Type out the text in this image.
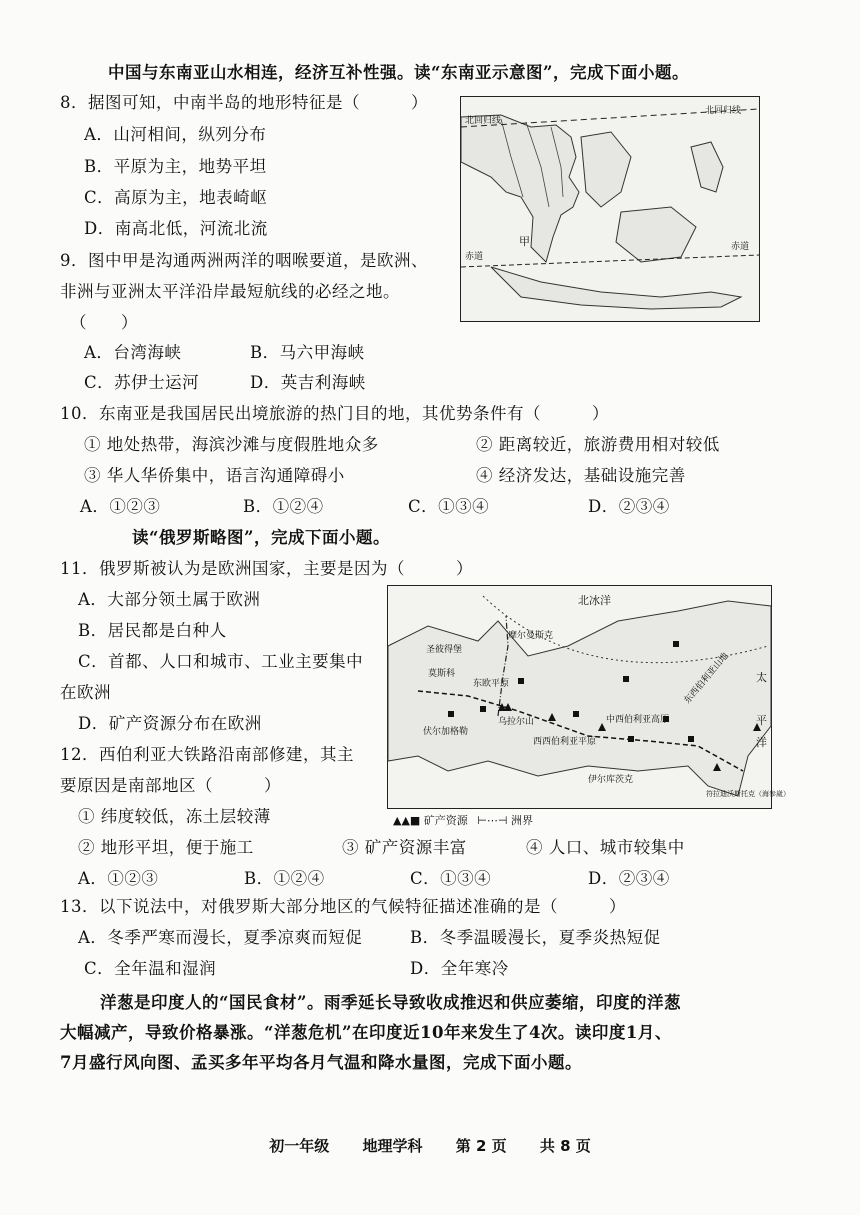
中国与东南亚山水相连，经济互补性强。读“东南亚示意图”，完成下面小题。
8．据图可知，中南半岛的地形特征是（　　　）
A．山河相间，纵列分布
B．平原为主，地势平坦
C．高原为主，地表崎岖
D．南高北低，河流北流
北回归线
北回归线
甲
赤道
赤道
9．图中甲是沟通两洲两洋的咽喉要道，是欧洲、
非洲与亚洲太平洋沿岸最短航线的必经之地。
（　　）
A．台湾海峡	B．马六甲海峡
C．苏伊士运河	D．英吉利海峡
10．东南亚是我国居民出境旅游的热门目的地，其优势条件有（　　　）
① 地处热带，海滨沙滩与度假胜地众多	② 距离较近，旅游费用相对较低
③ 华人华侨集中，语言沟通障碍小	④ 经济发达，基础设施完善
A．①②③	B．①②④	C．①③④	D．②③④
读“俄罗斯略图”，完成下面小题。
11．俄罗斯被认为是欧洲国家，主要是因为（　　　）
A．大部分领土属于欧洲
B．居民都是白种人
C．首都、人口和城市、工业主要集中
在欧洲
D．矿产资源分布在欧洲
北冰洋
摩尔曼斯克
圣彼得堡
莫斯科
东欧平原
乌拉尔山
伏尔加格勒
西西伯利亚平原
中西伯利亚高原
东西伯利亚山地
伊尔库茨克
太
平
洋
符拉迪沃斯托克（海参崴）
▲▲■ 矿产资源 ⊢⋯⊣ 洲界
12．西伯利亚大铁路沿南部修建，其主
要原因是南部地区（　　　）
① 纬度较低，冻土层较薄
② 地形平坦，便于施工	③ 矿产资源丰富	④ 人口、城市较集中
A．①②③	B．①②④	C．①③④	D．②③④
13．以下说法中，对俄罗斯大部分地区的气候特征描述准确的是（　　　）
A．冬季严寒而漫长，夏季凉爽而短促	B．冬季温暖漫长，夏季炎热短促
C．全年温和湿润	D．全年寒冷
洋葱是印度人的“国民食材”。雨季延长导致收成推迟和供应萎缩，印度的洋葱
大幅减产，导致价格暴涨。“洋葱危机”在印度近10年来发生了4次。读印度1月、
7月盛行风向图、孟买多年平均各月气温和降水量图，完成下面小题。
初一年级 地理学科 第 2 页 共 8 页
